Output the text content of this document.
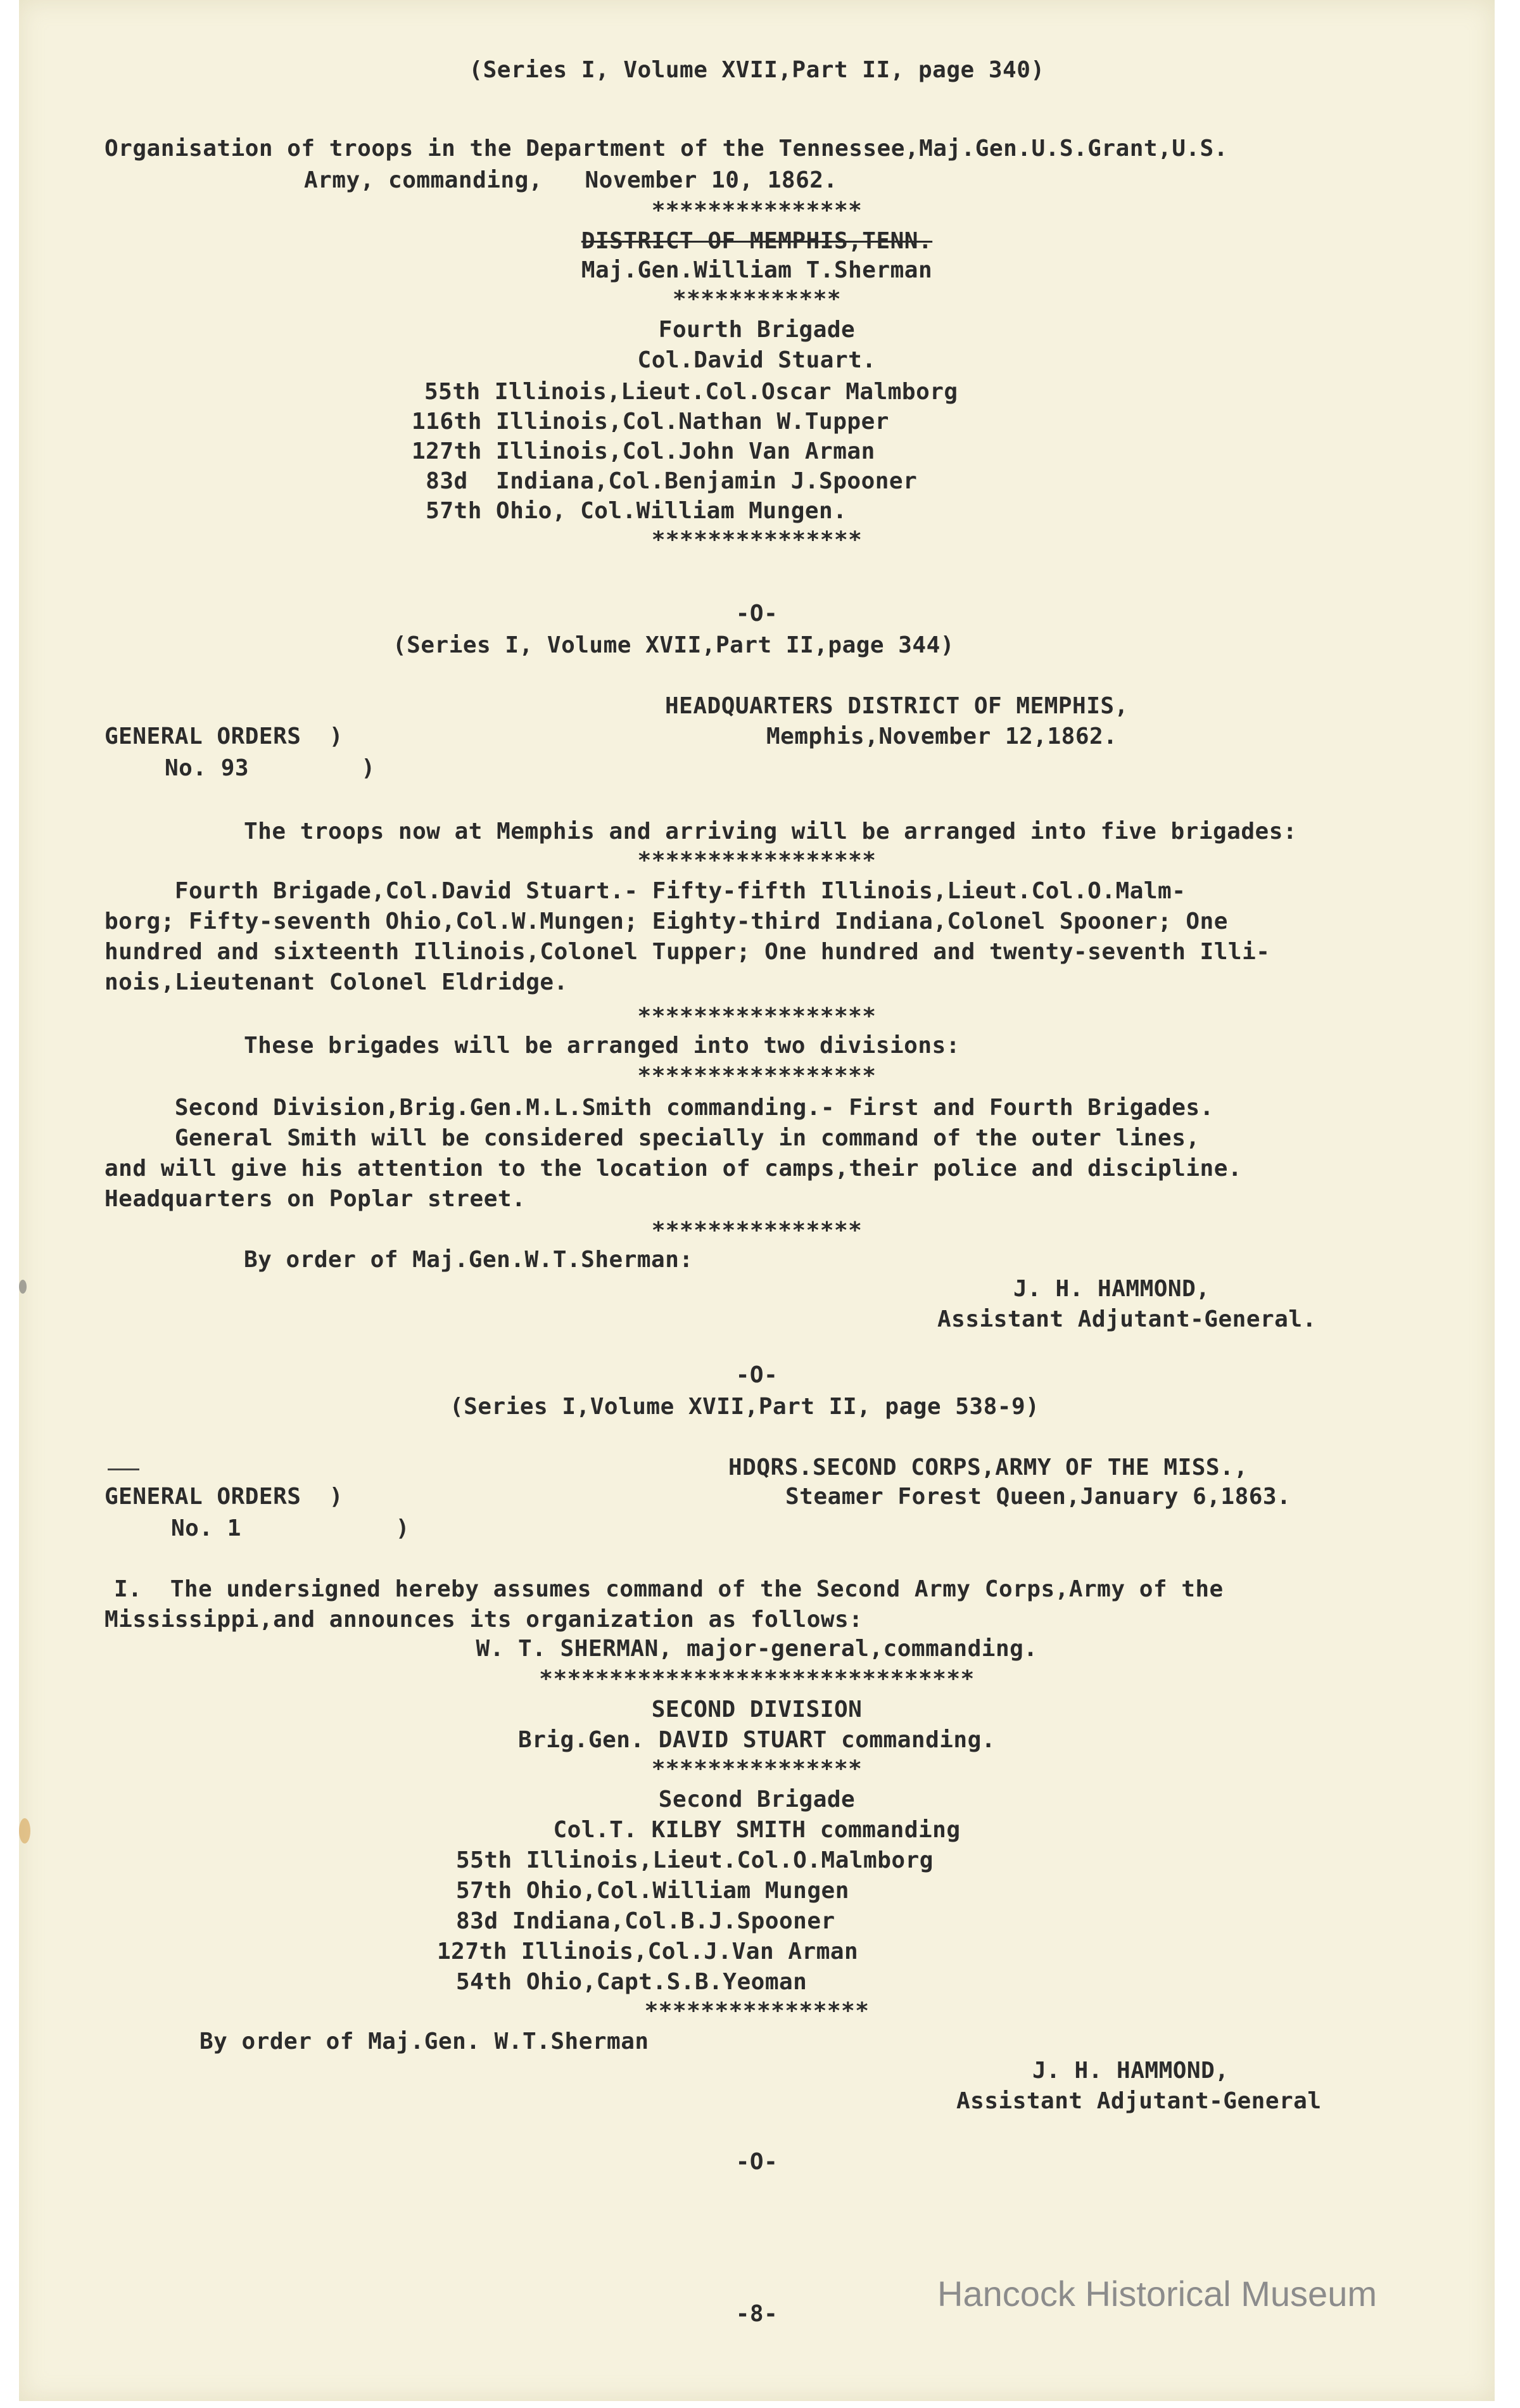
(Series I, Volume XVII,Part II, page 340)

Organisation of troops in the Department of the Tennessee,Maj.Gen.U.S.Grant,U.S.

Army, commanding,   November 10, 1862.

***************

DISTRICT OF MEMPHIS,TENN.

Maj.Gen.William T.Sherman

************

Fourth Brigade

Col.David Stuart.

55th Illinois,Lieut.Col.Oscar Malmborg

116th Illinois,Col.Nathan W.Tupper

127th Illinois,Col.John Van Arman

83d  Indiana,Col.Benjamin J.Spooner

57th Ohio, Col.William Mungen.

***************

-O-

(Series I, Volume XVII,Part II,page 344)

HEADQUARTERS DISTRICT OF MEMPHIS,

Memphis,November 12,1862.

GENERAL ORDERS  )

No. 93        )

The troops now at Memphis and arriving will be arranged into five brigades:

*****************

Fourth Brigade,Col.David Stuart.- Fifty-fifth Illinois,Lieut.Col.O.Malm-

borg; Fifty-seventh Ohio,Col.W.Mungen; Eighty-third Indiana,Colonel Spooner; One

hundred and sixteenth Illinois,Colonel Tupper; One hundred and twenty-seventh Illi-

nois,Lieutenant Colonel Eldridge.

*****************

These brigades will be arranged into two divisions:

*****************

Second Division,Brig.Gen.M.L.Smith commanding.- First and Fourth Brigades.

General Smith will be considered specially in command of the outer lines,

and will give his attention to the location of camps,their police and discipline.

Headquarters on Poplar street.

***************

By order of Maj.Gen.W.T.Sherman:

J. H. HAMMOND,

Assistant Adjutant-General.

-O-

(Series I,Volume XVII,Part II, page 538-9)

HDQRS.SECOND CORPS,ARMY OF THE MISS.,

Steamer Forest Queen,January 6,1863.

GENERAL ORDERS  )

No. 1           )

I.  The undersigned hereby assumes command of the Second Army Corps,Army of the

Mississippi,and announces its organization as follows:

W. T. SHERMAN, major-general,commanding.

*******************************

SECOND DIVISION

Brig.Gen. DAVID STUART commanding.

***************

Second Brigade

Col.T. KILBY SMITH commanding

55th Illinois,Lieut.Col.O.Malmborg

57th Ohio,Col.William Mungen

83d Indiana,Col.B.J.Spooner

127th Illinois,Col.J.Van Arman

54th Ohio,Capt.S.B.Yeoman

****************

By order of Maj.Gen. W.T.Sherman

J. H. HAMMOND,

Assistant Adjutant-General

-O-

-8-

Hancock Historical Museum
